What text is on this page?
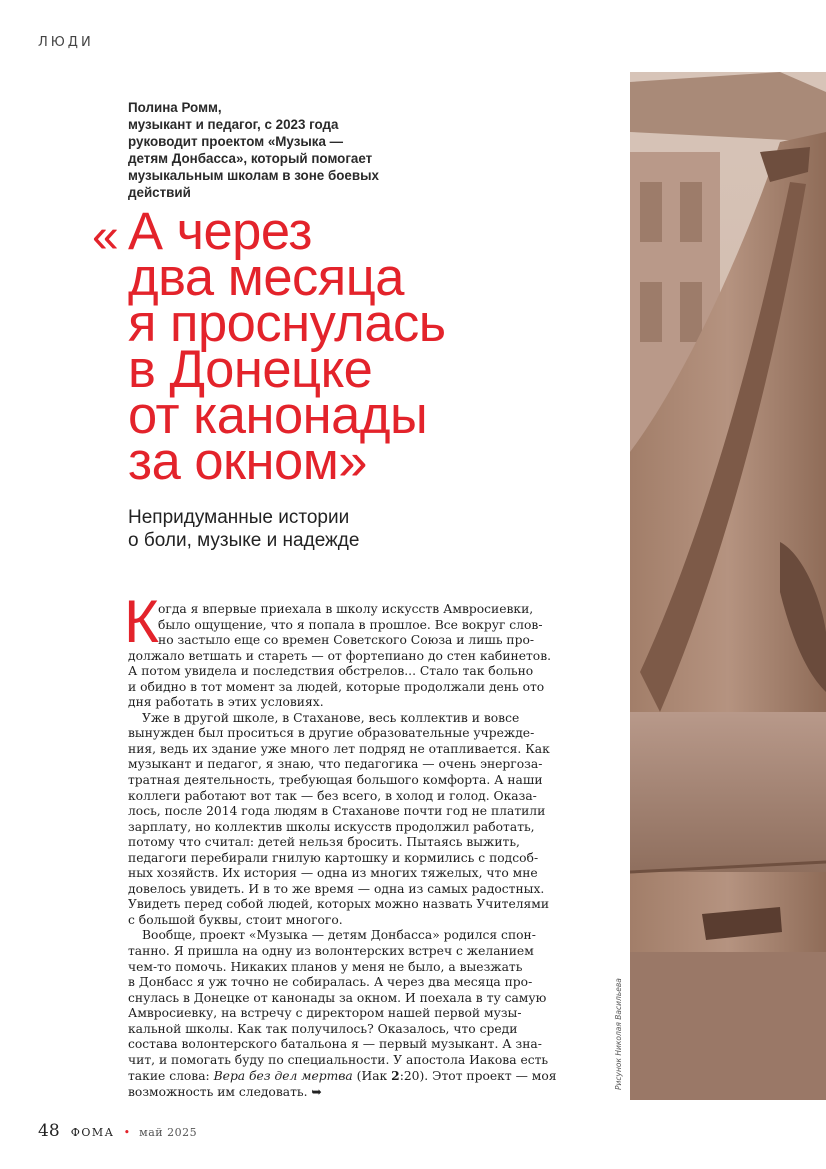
ЛЮДИ
Полина Ромм,
музыкант и педагог, с 2023 года
руководит проектом «Музыка —
детям Донбасса», который помогает
музыкальным школам в зоне боевых
действий
« А через
два месяца
я проснулась
в Донецке
от канонады
за окном»
Непридуманные истории
о боли, музыке и надежде
К огда я впервые приехала в школу искусств Амвросиевки,
было ощущение, что я попала в прошлое. Все вокруг слов-
но застыло еще со времен Советского Союза и лишь про-
должало ветшать и стареть — от фортепиано до стен кабинетов.
А потом увидела и последствия обстрелов... Стало так больно
и обидно в тот момент за людей, которые продолжали день ото
дня работать в этих условиях.
Уже в другой школе, в Стаханове, весь коллектив и вовсе
вынужден был проситься в другие образовательные учрежде-
ния, ведь их здание уже много лет подряд не отапливается. Как
музыкант и педагог, я знаю, что педагогика — очень энергоза-
тратная деятельность, требующая большого комфорта. А наши
коллеги работают вот так — без всего, в холод и голод. Оказа-
лось, после 2014 года людям в Стаханове почти год не платили
зарплату, но коллектив школы искусств продолжил работать,
потому что считал: детей нельзя бросить. Пытаясь выжить,
педагоги перебирали гнилую картошку и кормились с подсоб-
ных хозяйств. Их история — одна из многих тяжелых, что мне
довелось увидеть. И в то же время — одна из самых радостных.
Увидеть перед собой людей, которых можно назвать Учителями
с большой буквы, стоит многого.
Вообще, проект «Музыка — детям Донбасса» родился спон-
танно. Я пришла на одну из волонтерских встреч с желанием
чем-то помочь. Никаких планов у меня не было, а выезжать
в Донбасс я уж точно не собиралась. А через два месяца про-
снулась в Донецке от канонады за окном. И поехала в ту самую
Амвросиевку, на встречу с директором нашей первой музы-
кальной школы. Как так получилось? Оказалось, что среди
состава волонтерского батальона я — первый музыкант. А зна-
чит, и помогать буду по специальности. У апостола Иакова есть
такие слова: Вера без дел мертва (Иак 2:20). Этот проект — моя
возможность им следовать. ➥
48 ФОМА • май 2025
Рисунок Николая Васильева
